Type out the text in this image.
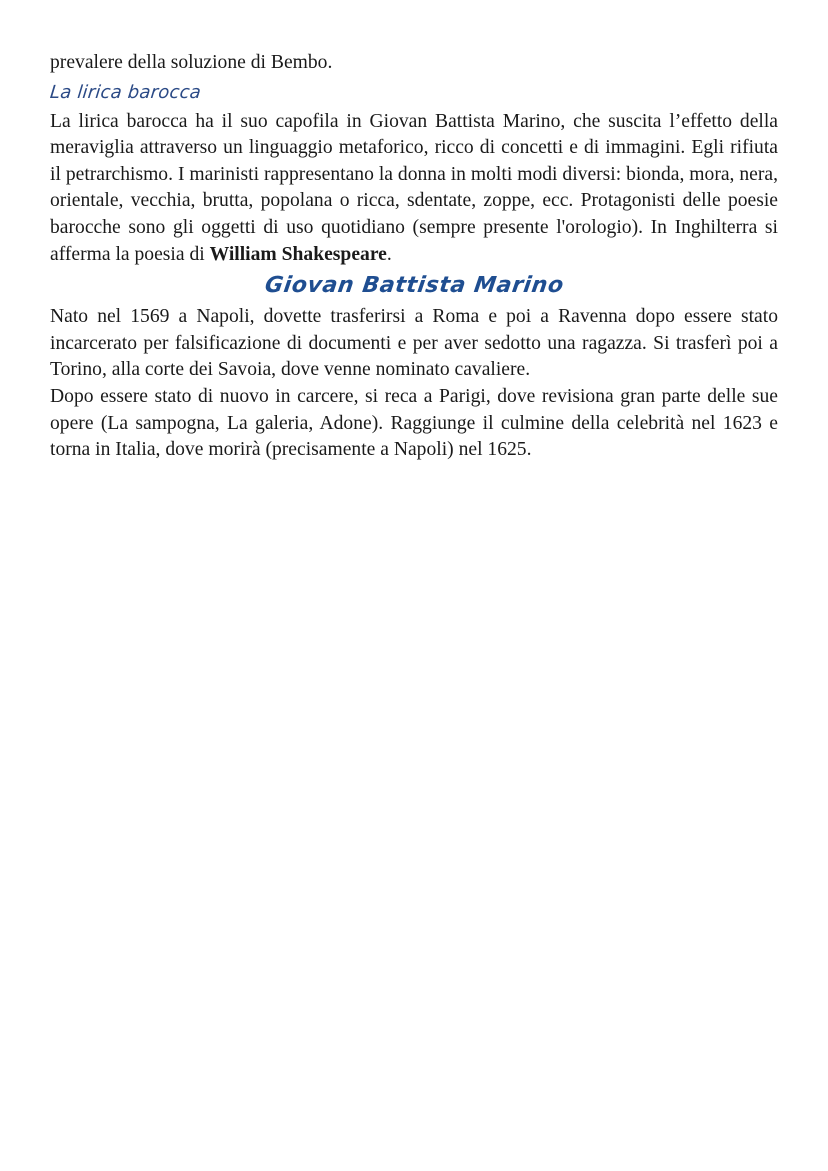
prevalere della soluzione di Bembo.

La lirica barocca

La lirica barocca ha il suo capofila in Giovan Battista Marino, che suscita l’effetto della meraviglia attraverso un linguaggio metaforico, ricco di concetti e di immagini. Egli rifiuta il petrarchismo. I marinisti rappresentano la donna in molti modi diversi: bionda, mora, nera, orientale, vecchia, brutta, popolana o ricca, sdentate, zoppe, ecc. Protagonisti delle poesie barocche sono gli oggetti di uso quotidiano (sempre presente l'orologio). In Inghilterra si afferma la poesia di William Shakespeare.

Giovan Battista Marino

Nato nel 1569 a Napoli, dovette trasferirsi a Roma e poi a Ravenna dopo essere stato incarcerato per falsificazione di documenti e per aver sedotto una ragazza. Si trasferì poi a Torino, alla corte dei Savoia, dove venne nominato cavaliere.

Dopo essere stato di nuovo in carcere, si reca a Parigi, dove revisiona gran parte delle sue opere (La sampogna, La galeria, Adone). Raggiunge il culmine della celebrità nel 1623 e torna in Italia, dove morirà (precisamente a Napoli) nel 1625.
